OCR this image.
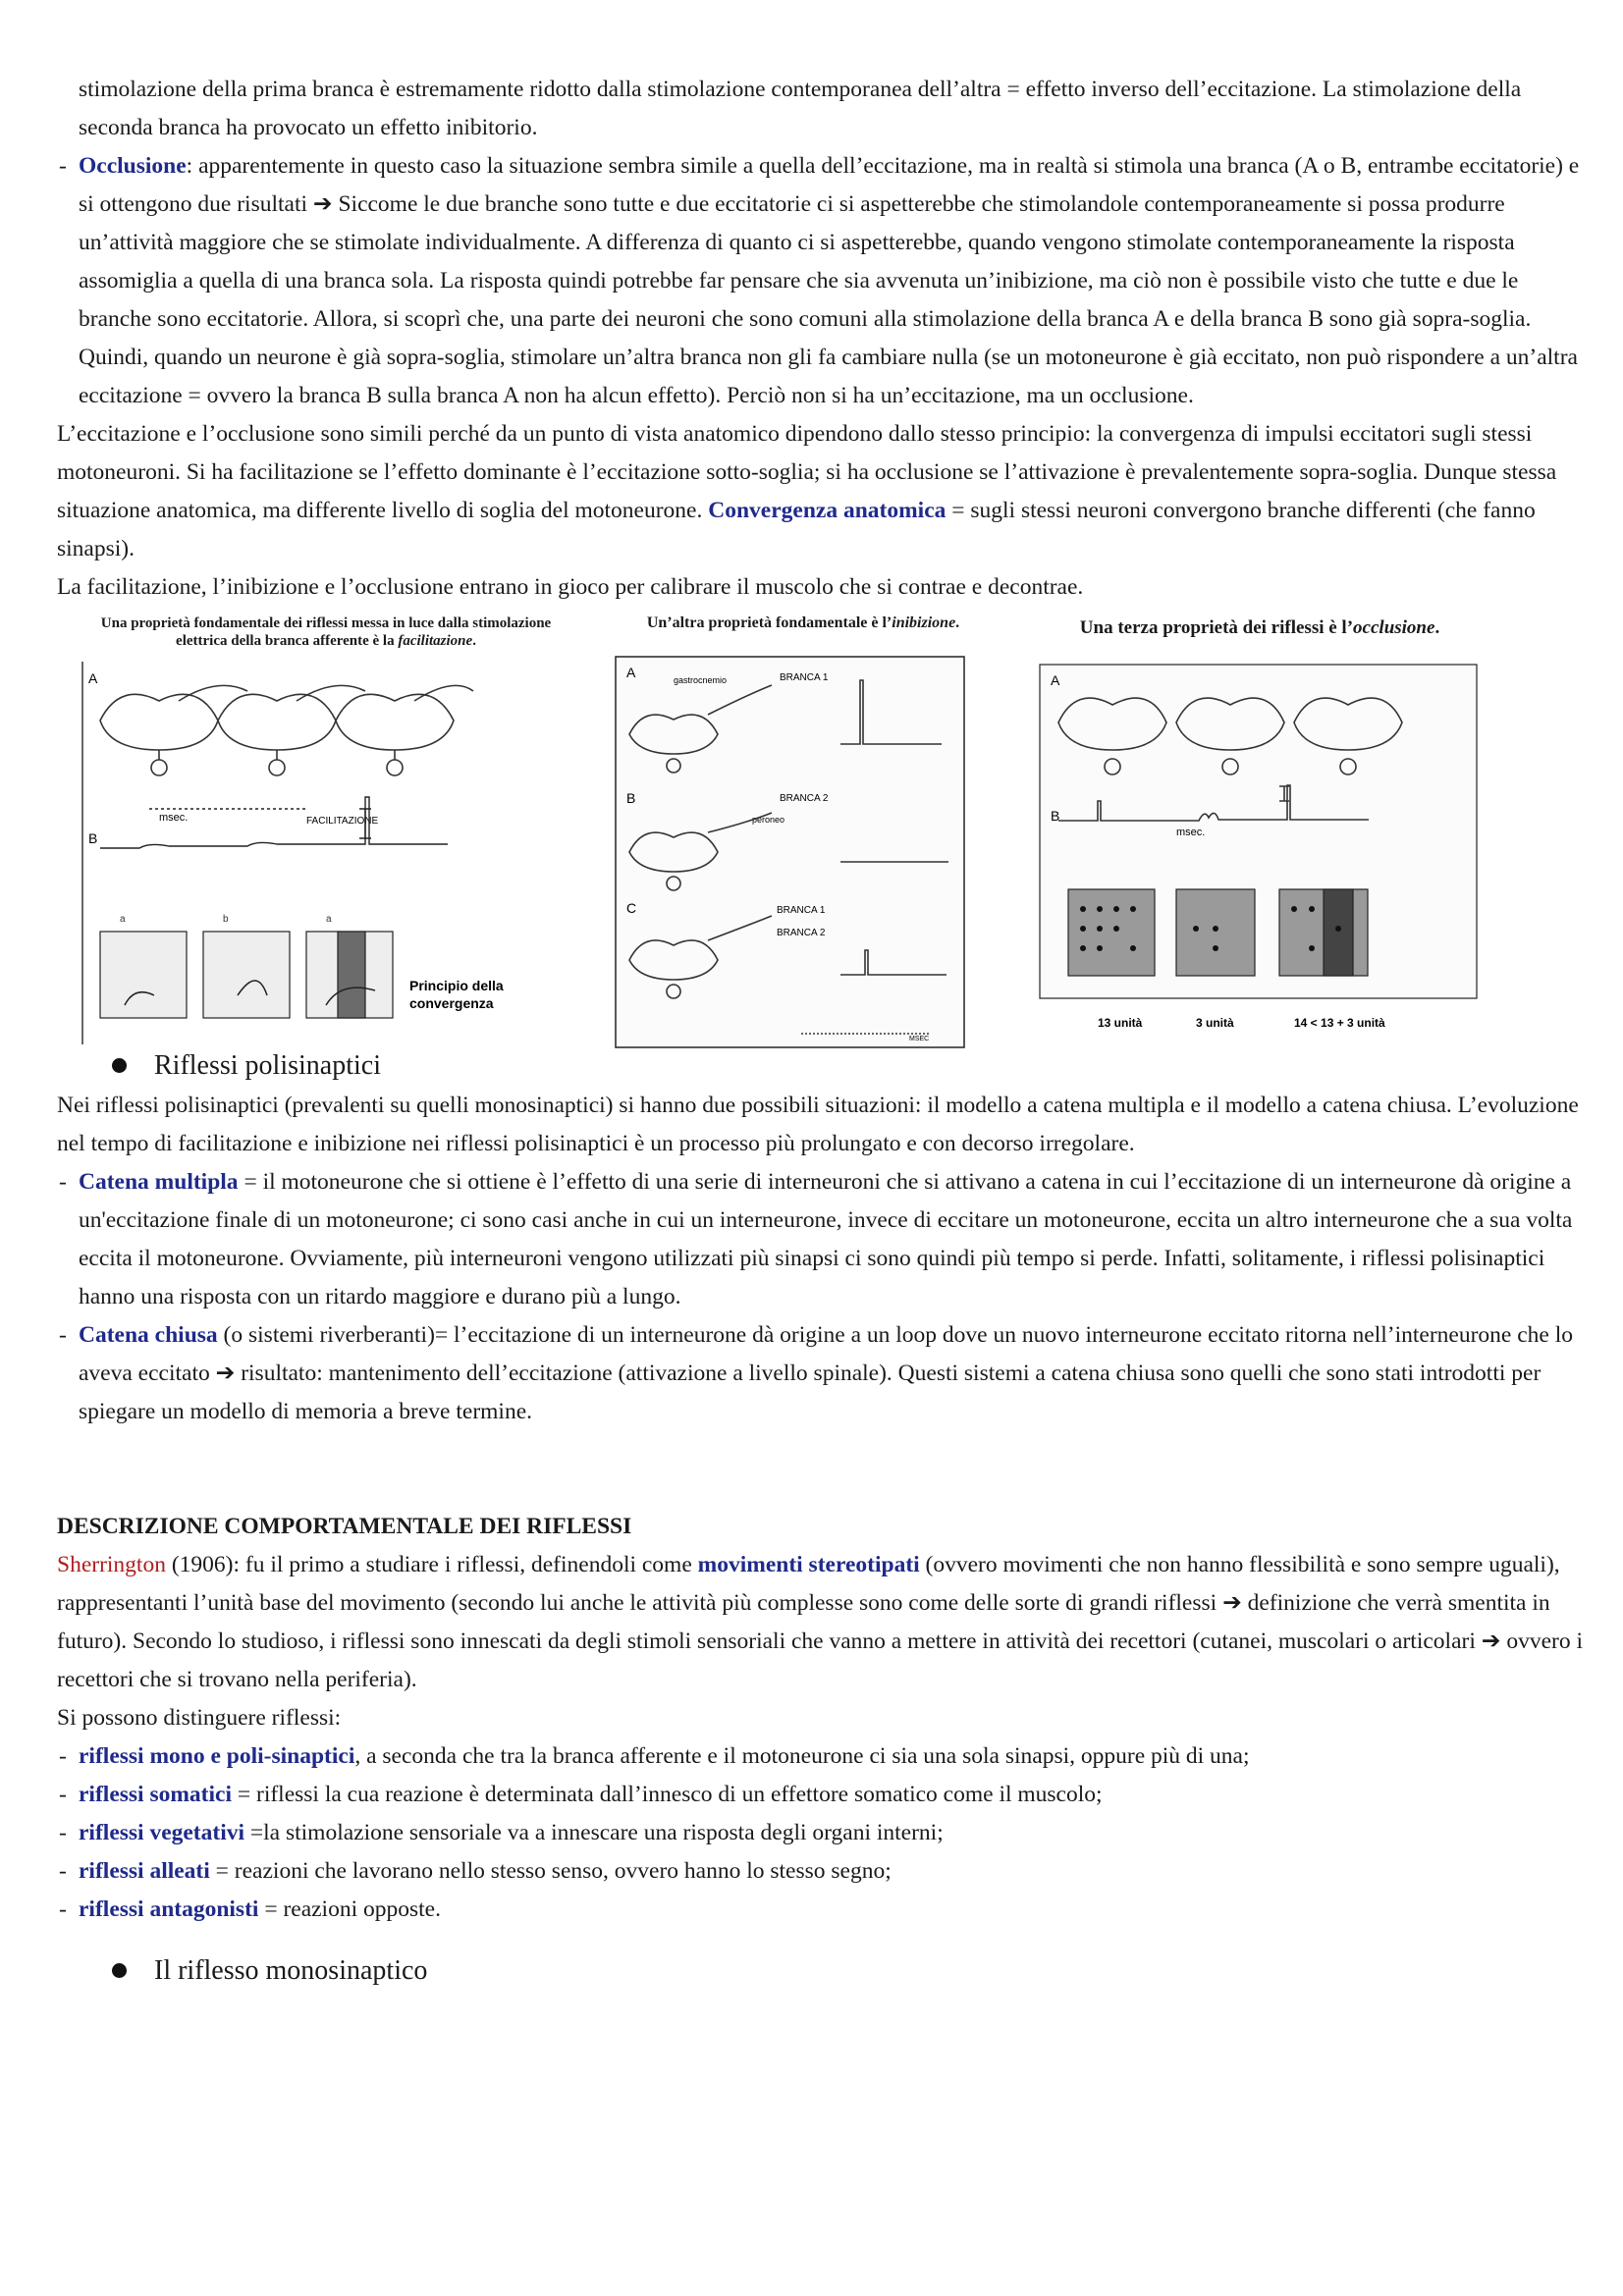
stimolazione della prima branca è estremamente ridotto dalla stimolazione contemporanea dell’altra = effetto inverso dell’eccitazione. La stimolazione della seconda branca ha provocato un effetto inibitorio.

- Occlusione: apparentemente in questo caso la situazione sembra simile a quella dell’eccitazione, ma in realtà si stimola una branca (A o B, entrambe eccitatorie) e si ottengono due risultati ➔ Siccome le due branche sono tutte e due eccitatorie ci si aspetterebbe che stimolandole contemporaneamente si possa produrre un’attività maggiore che se stimolate individualmente. A differenza di quanto ci si aspetterebbe, quando vengono stimolate contemporaneamente la risposta assomiglia a quella di una branca sola. La risposta quindi potrebbe far pensare che sia avvenuta un’inibizione, ma ciò non è possibile visto che tutte e due le branche sono eccitatorie. Allora, si scoprì che, una parte dei neuroni che sono comuni alla stimolazione della branca A e della branca B sono già sopra-soglia. Quindi, quando un neurone è già sopra-soglia, stimolare un’altra branca non gli fa cambiare nulla (se un motoneurone è già eccitato, non può rispondere a un’altra eccitazione = ovvero la branca B sulla branca A non ha alcun effetto). Perciò non si ha un’eccitazione, ma un occlusione.

L’eccitazione e l’occlusione sono simili perché da un punto di vista anatomico dipendono dallo stesso principio: la convergenza di impulsi eccitatori sugli stessi motoneuroni. Si ha facilitazione se l’effetto dominante è l’eccitazione sotto-soglia; si ha occlusione se l’attivazione è prevalentemente sopra-soglia. Dunque stessa situazione anatomica, ma differente livello di soglia del motoneurone. Convergenza anatomica = sugli stessi neuroni convergono branche differenti (che fanno sinapsi).

La facilitazione, l’inibizione e l’occlusione entrano in gioco per calibrare il muscolo che si contrae e decontrae.

Una proprietà fondamentale dei riflessi messa in luce dalla stimolazione elettrica della branca afferente è la facilitazione.
A
B
msec.	FACILITAZIONE
a	b	a
Principio della
convergenza
Un’altra proprietà fondamentale è l’inibizione.
A
B
C
gastrocnemio	BRANCA 1
BRANCA 2
peroneo
BRANCA 1
BRANCA 2
MSEC
Una terza proprietà dei riflessi è l’occlusione.
A
B
msec.
13 unità	3 unità	14 < 13 + 3 unità
Riflessi polisinaptici

Nei riflessi polisinaptici (prevalenti su quelli monosinaptici) si hanno due possibili situazioni: il modello a catena multipla e il modello a catena chiusa. L’evoluzione nel tempo di facilitazione e inibizione nei riflessi polisinaptici è un processo più prolungato e con decorso irregolare.

- Catena multipla = il motoneurone che si ottiene è l’effetto di una serie di interneuroni che si attivano a catena in cui l’eccitazione di un interneurone dà origine a un'eccitazione finale di un motoneurone; ci sono casi anche in cui un interneurone, invece di eccitare un motoneurone, eccita un altro interneurone che a sua volta eccita il motoneurone. Ovviamente, più interneuroni vengono utilizzati più sinapsi ci sono quindi più tempo si perde. Infatti, solitamente, i riflessi polisinaptici hanno una risposta con un ritardo maggiore e durano più a lungo.

- Catena chiusa (o sistemi riverberanti)= l’eccitazione di un interneurone dà origine a un loop dove un nuovo interneurone eccitato ritorna nell’interneurone che lo aveva eccitato ➔ risultato: mantenimento dell’eccitazione (attivazione a livello spinale). Questi sistemi a catena chiusa sono quelli che sono stati introdotti per spiegare un modello di memoria a breve termine.

DESCRIZIONE COMPORTAMENTALE DEI RIFLESSI

Sherrington (1906): fu il primo a studiare i riflessi, definendoli come movimenti stereotipati (ovvero movimenti che non hanno flessibilità e sono sempre uguali), rappresentanti l’unità base del movimento (secondo lui anche le attività più complesse sono come delle sorte di grandi riflessi ➔ definizione che verrà smentita in futuro). Secondo lo studioso, i riflessi sono innescati da degli stimoli sensoriali che vanno a mettere in attività dei recettori (cutanei, muscolari o articolari ➔ ovvero i recettori che si trovano nella periferia).

Si possono distinguere riflessi:

- riflessi mono e poli-sinaptici, a seconda che tra la branca afferente e il motoneurone ci sia una sola sinapsi, oppure più di una;

- riflessi somatici = riflessi la cua reazione è determinata dall’innesco di un effettore somatico come il muscolo;

- riflessi vegetativi =la stimolazione sensoriale va a innescare una risposta degli organi interni;

- riflessi alleati = reazioni che lavorano nello stesso senso, ovvero hanno lo stesso segno;

- riflessi antagonisti = reazioni opposte.

Il riflesso monosinaptico
